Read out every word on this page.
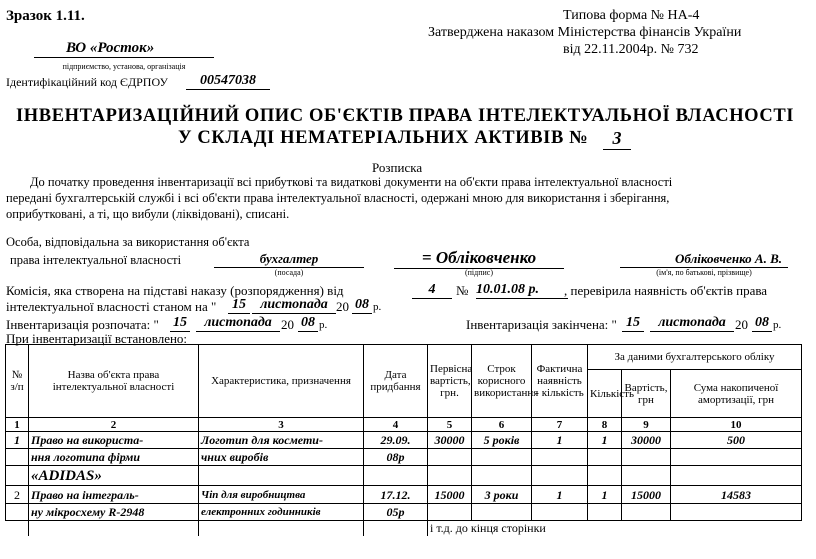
Зразок 1.11.	Типова форма № НА-4
Затверджена наказом Міністерства фінансів України
від 22.11.2004р. № 732
ВО «Росток»
підприємство, установа, організація
Ідентифікаційний код ЄДРПОУ	00547038
ІНВЕНТАРИЗАЦІЙНИЙ ОПИС ОБ'ЄКТІВ ПРАВА ІНТЕЛЕКТУАЛЬНОЇ ВЛАСНОСТІ
У СКЛАДІ НЕМАТЕРІАЛЬНИХ АКТИВІВ №	3
Розписка
До початку проведення інвентаризації всі прибуткові та видаткові документи на об'єкти права інтелектуальної власності
передані бухгалтерській службі і всі об'єкти права інтелектуальної власності, одержані мною для використання і зберігання,
оприбутковані, а ті, що вибули (ліквідовані), списані.
Особа, відповідальна за використання об'єкта
права інтелектуальної власності	бухгалтер
(посада)
= Обліковченко
(підпис)
Обліковченко А. В.
(ім'я, по батькові, прізвище)
Комісія, яка створена на підставі наказу (розпорядження) від	4	№ 10.01.08 р.	, перевірила наявність об'єктів права
інтелектуальної власності станом на " 15	листопада 20 08 р.
Інвентаризація розпочата: " 15	листопада 20 08 р.	Інвентаризація закінчена: " 15	листопада 20 08 р.
При інвентаризації встановлено:
№ з/п	Назва об'єкта права інтелектуальної власності	Характеристика, призначення	Дата придбання	Первісна вартість, грн.	Строк корисного використання	Фактична наявність - кількість	За даними бухгалтерського обліку		
							Кількість	Вартість, грн	Сума накопиченої амортизації, грн
1	2	3	4	5	6	7	8	9	10
1	Право на використа-	Логотип для космети-	29.09.	30000	5 років	1	1	30000	500
	ння логотипа фірми	чних виробів	08р						
	«ADIDAS»								
2	Право на інтеграль-	Чіп для виробництва	17.12.	15000	3 роки	1	1	15000	14583
	ну мікросхему R-2948	електронних годинників	05р						
				і т.д. до кінця сторінки					
